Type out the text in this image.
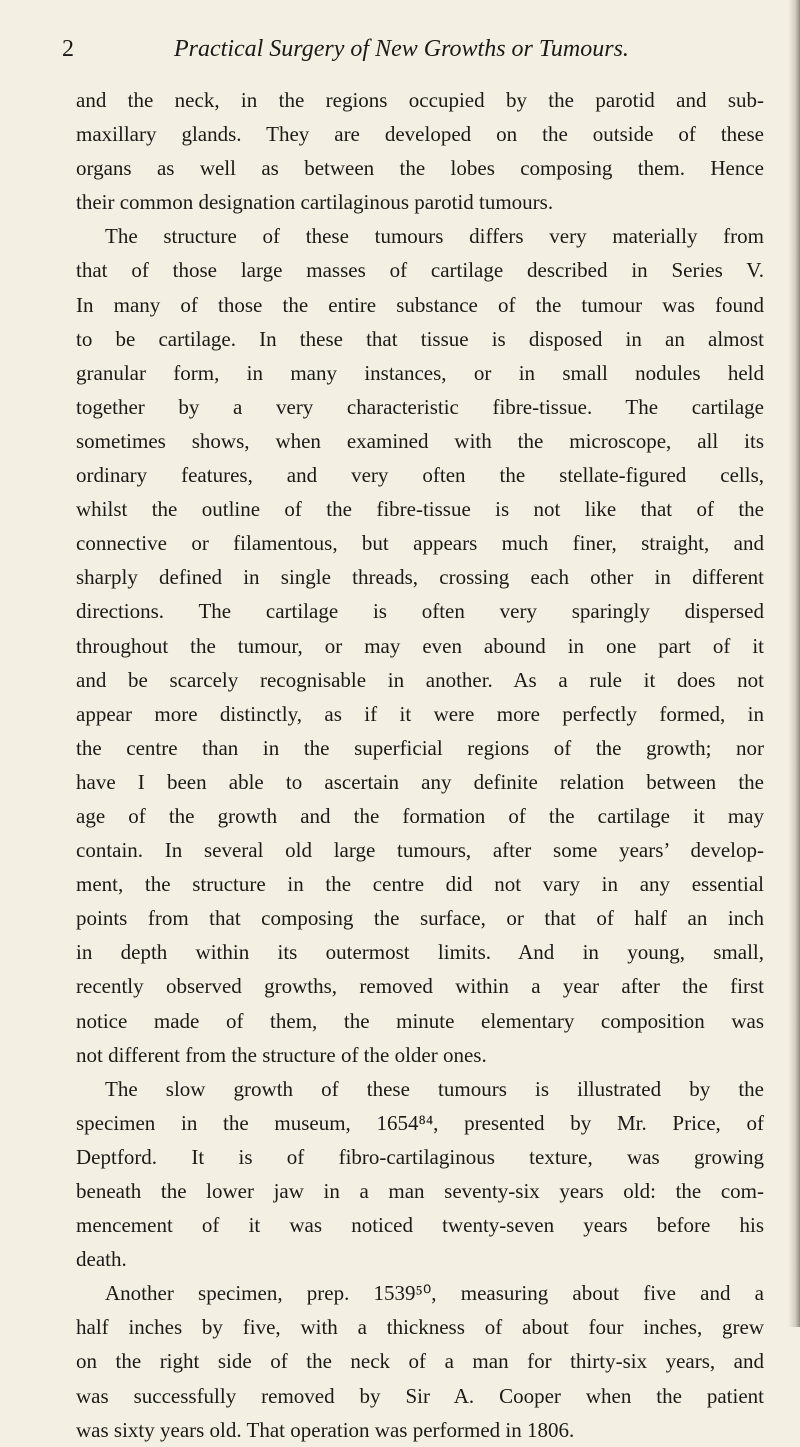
2	Practical Surgery of New Growths or Tumours.
and the neck, in the regions occupied by the parotid and sub-
maxillary glands. They are developed on the outside of these
organs as well as between the lobes composing them. Hence
their common designation cartilaginous parotid tumours.
The structure of these tumours differs very materially from
that of those large masses of cartilage described in Series V.
In many of those the entire substance of the tumour was found
to be cartilage. In these that tissue is disposed in an almost
granular form, in many instances, or in small nodules held
together by a very characteristic fibre-tissue. The cartilage
sometimes shows, when examined with the microscope, all its
ordinary features, and very often the stellate-figured cells,
whilst the outline of the fibre-tissue is not like that of the
connective or filamentous, but appears much finer, straight, and
sharply defined in single threads, crossing each other in different
directions. The cartilage is often very sparingly dispersed
throughout the tumour, or may even abound in one part of it
and be scarcely recognisable in another. As a rule it does not
appear more distinctly, as if it were more perfectly formed, in
the centre than in the superficial regions of the growth; nor
have I been able to ascertain any definite relation between the
age of the growth and the formation of the cartilage it may
contain. In several old large tumours, after some years’ develop-
ment, the structure in the centre did not vary in any essential
points from that composing the surface, or that of half an inch
in depth within its outermost limits. And in young, small,
recently observed growths, removed within a year after the first
notice made of them, the minute elementary composition was
not different from the structure of the older ones.
The slow growth of these tumours is illustrated by the
specimen in the museum, 1654⁸⁴, presented by Mr. Price, of
Deptford. It is of fibro-cartilaginous texture, was growing
beneath the lower jaw in a man seventy-six years old: the com-
mencement of it was noticed twenty-seven years before his
death.
Another specimen, prep. 1539⁵⁰, measuring about five and a
half inches by five, with a thickness of about four inches, grew
on the right side of the neck of a man for thirty-six years, and
was successfully removed by Sir A. Cooper when the patient
was sixty years old. That operation was performed in 1806.
